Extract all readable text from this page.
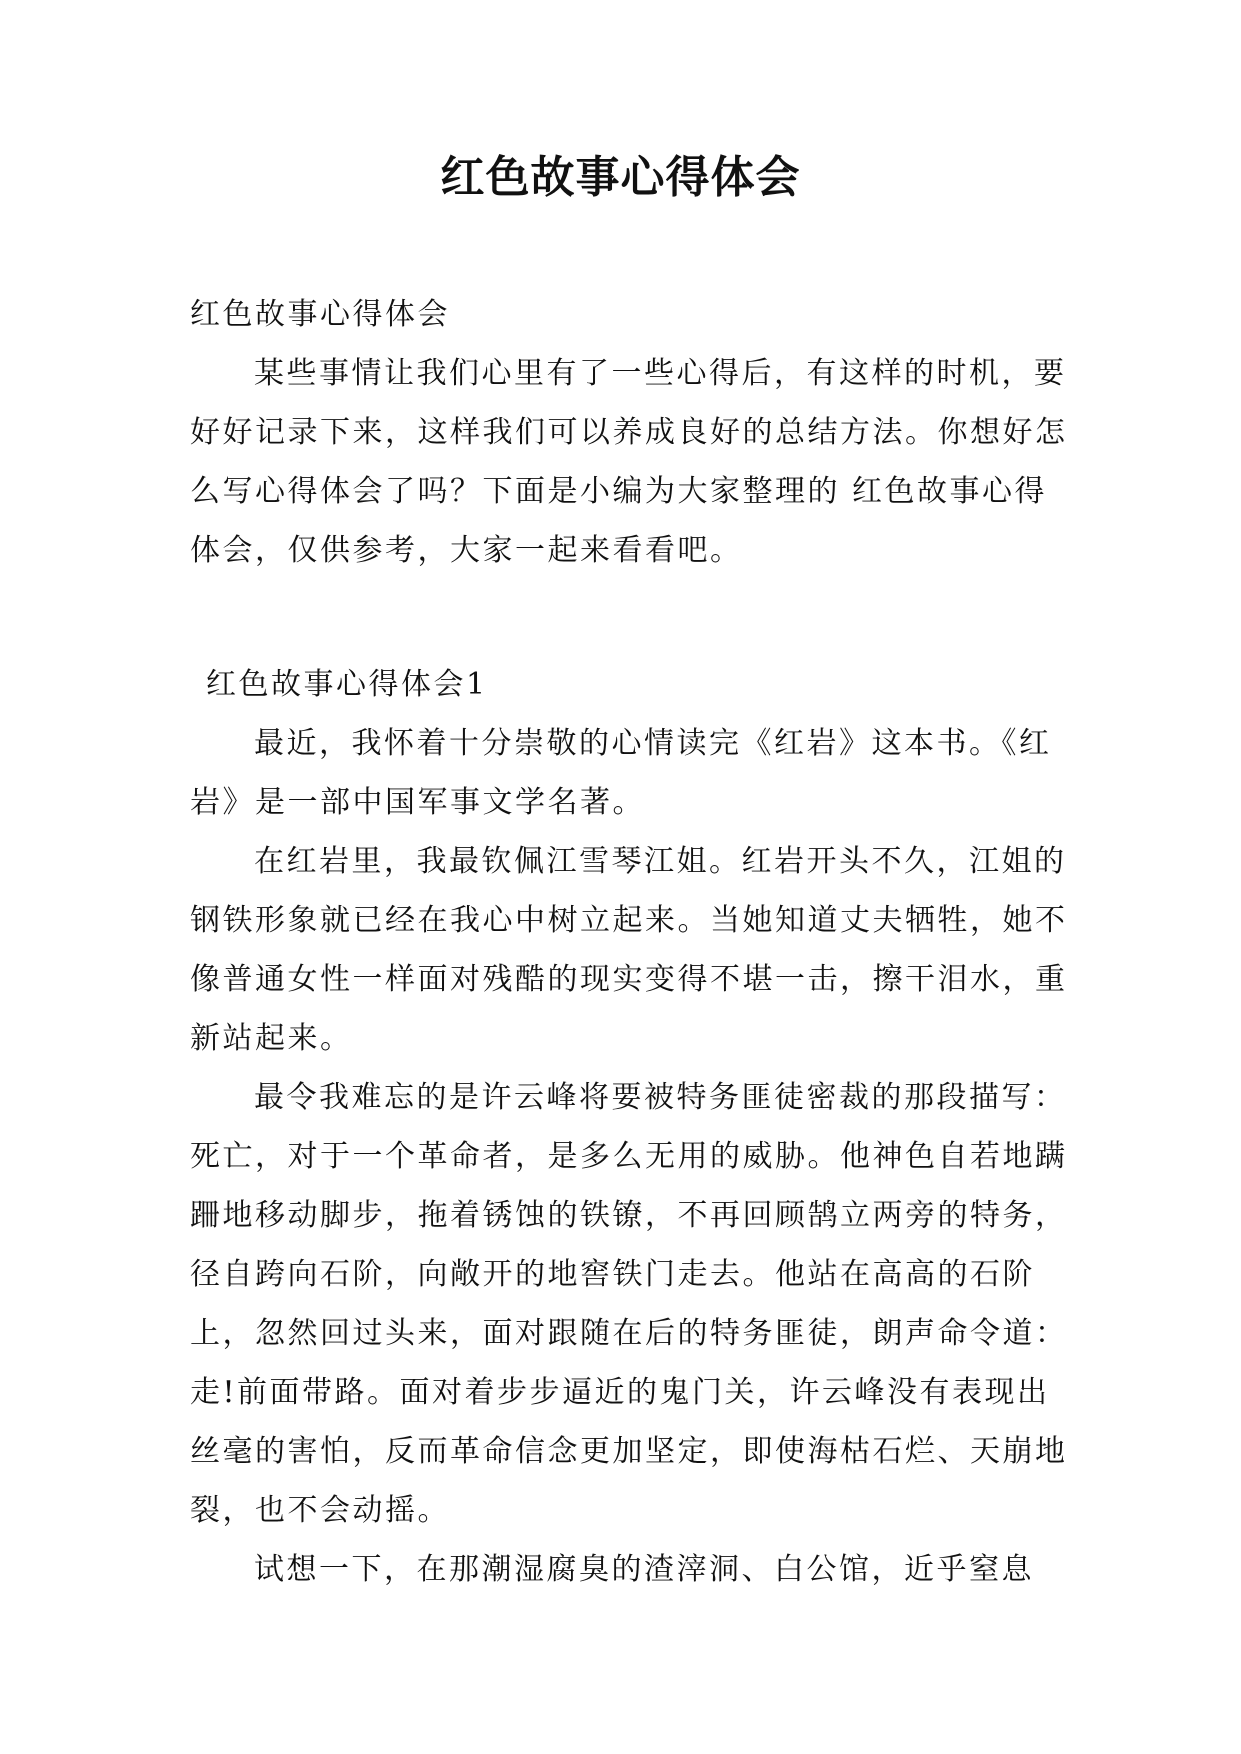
红色故事心得体会

红色故事心得体会

某些事情让我们心里有了一些心得后，有这样的时机，要好好记录下来，这样我们可以养成良好的总结方法。你想好怎么写心得体会了吗？下面是小编为大家整理的 红色故事心得体会，仅供参考，大家一起来看看吧。

红色故事心得体会1

最近，我怀着十分崇敬的心情读完《红岩》这本书。《红岩》是一部中国军事文学名著。

在红岩里，我最钦佩江雪琴江姐。红岩开头不久，江姐的钢铁形象就已经在我心中树立起来。当她知道丈夫牺牲，她不像普通女性一样面对残酷的现实变得不堪一击，擦干泪水，重新站起来。

最令我难忘的是许云峰将要被特务匪徒密裁的那段描写：死亡，对于一个革命者，是多么无用的威胁。他神色自若地蹒跚地移动脚步，拖着锈蚀的铁镣，不再回顾鹄立两旁的特务，径自跨向石阶，向敞开的地窖铁门走去。他站在高高的石阶上，忽然回过头来，面对跟随在后的特务匪徒，朗声命令道：走!前面带路。面对着步步逼近的鬼门关，许云峰没有表现出丝毫的害怕，反而革命信念更加坚定，即使海枯石烂、天崩地裂，也不会动摇。

试想一下，在那潮湿腐臭的渣滓洞、白公馆，近乎窒息
